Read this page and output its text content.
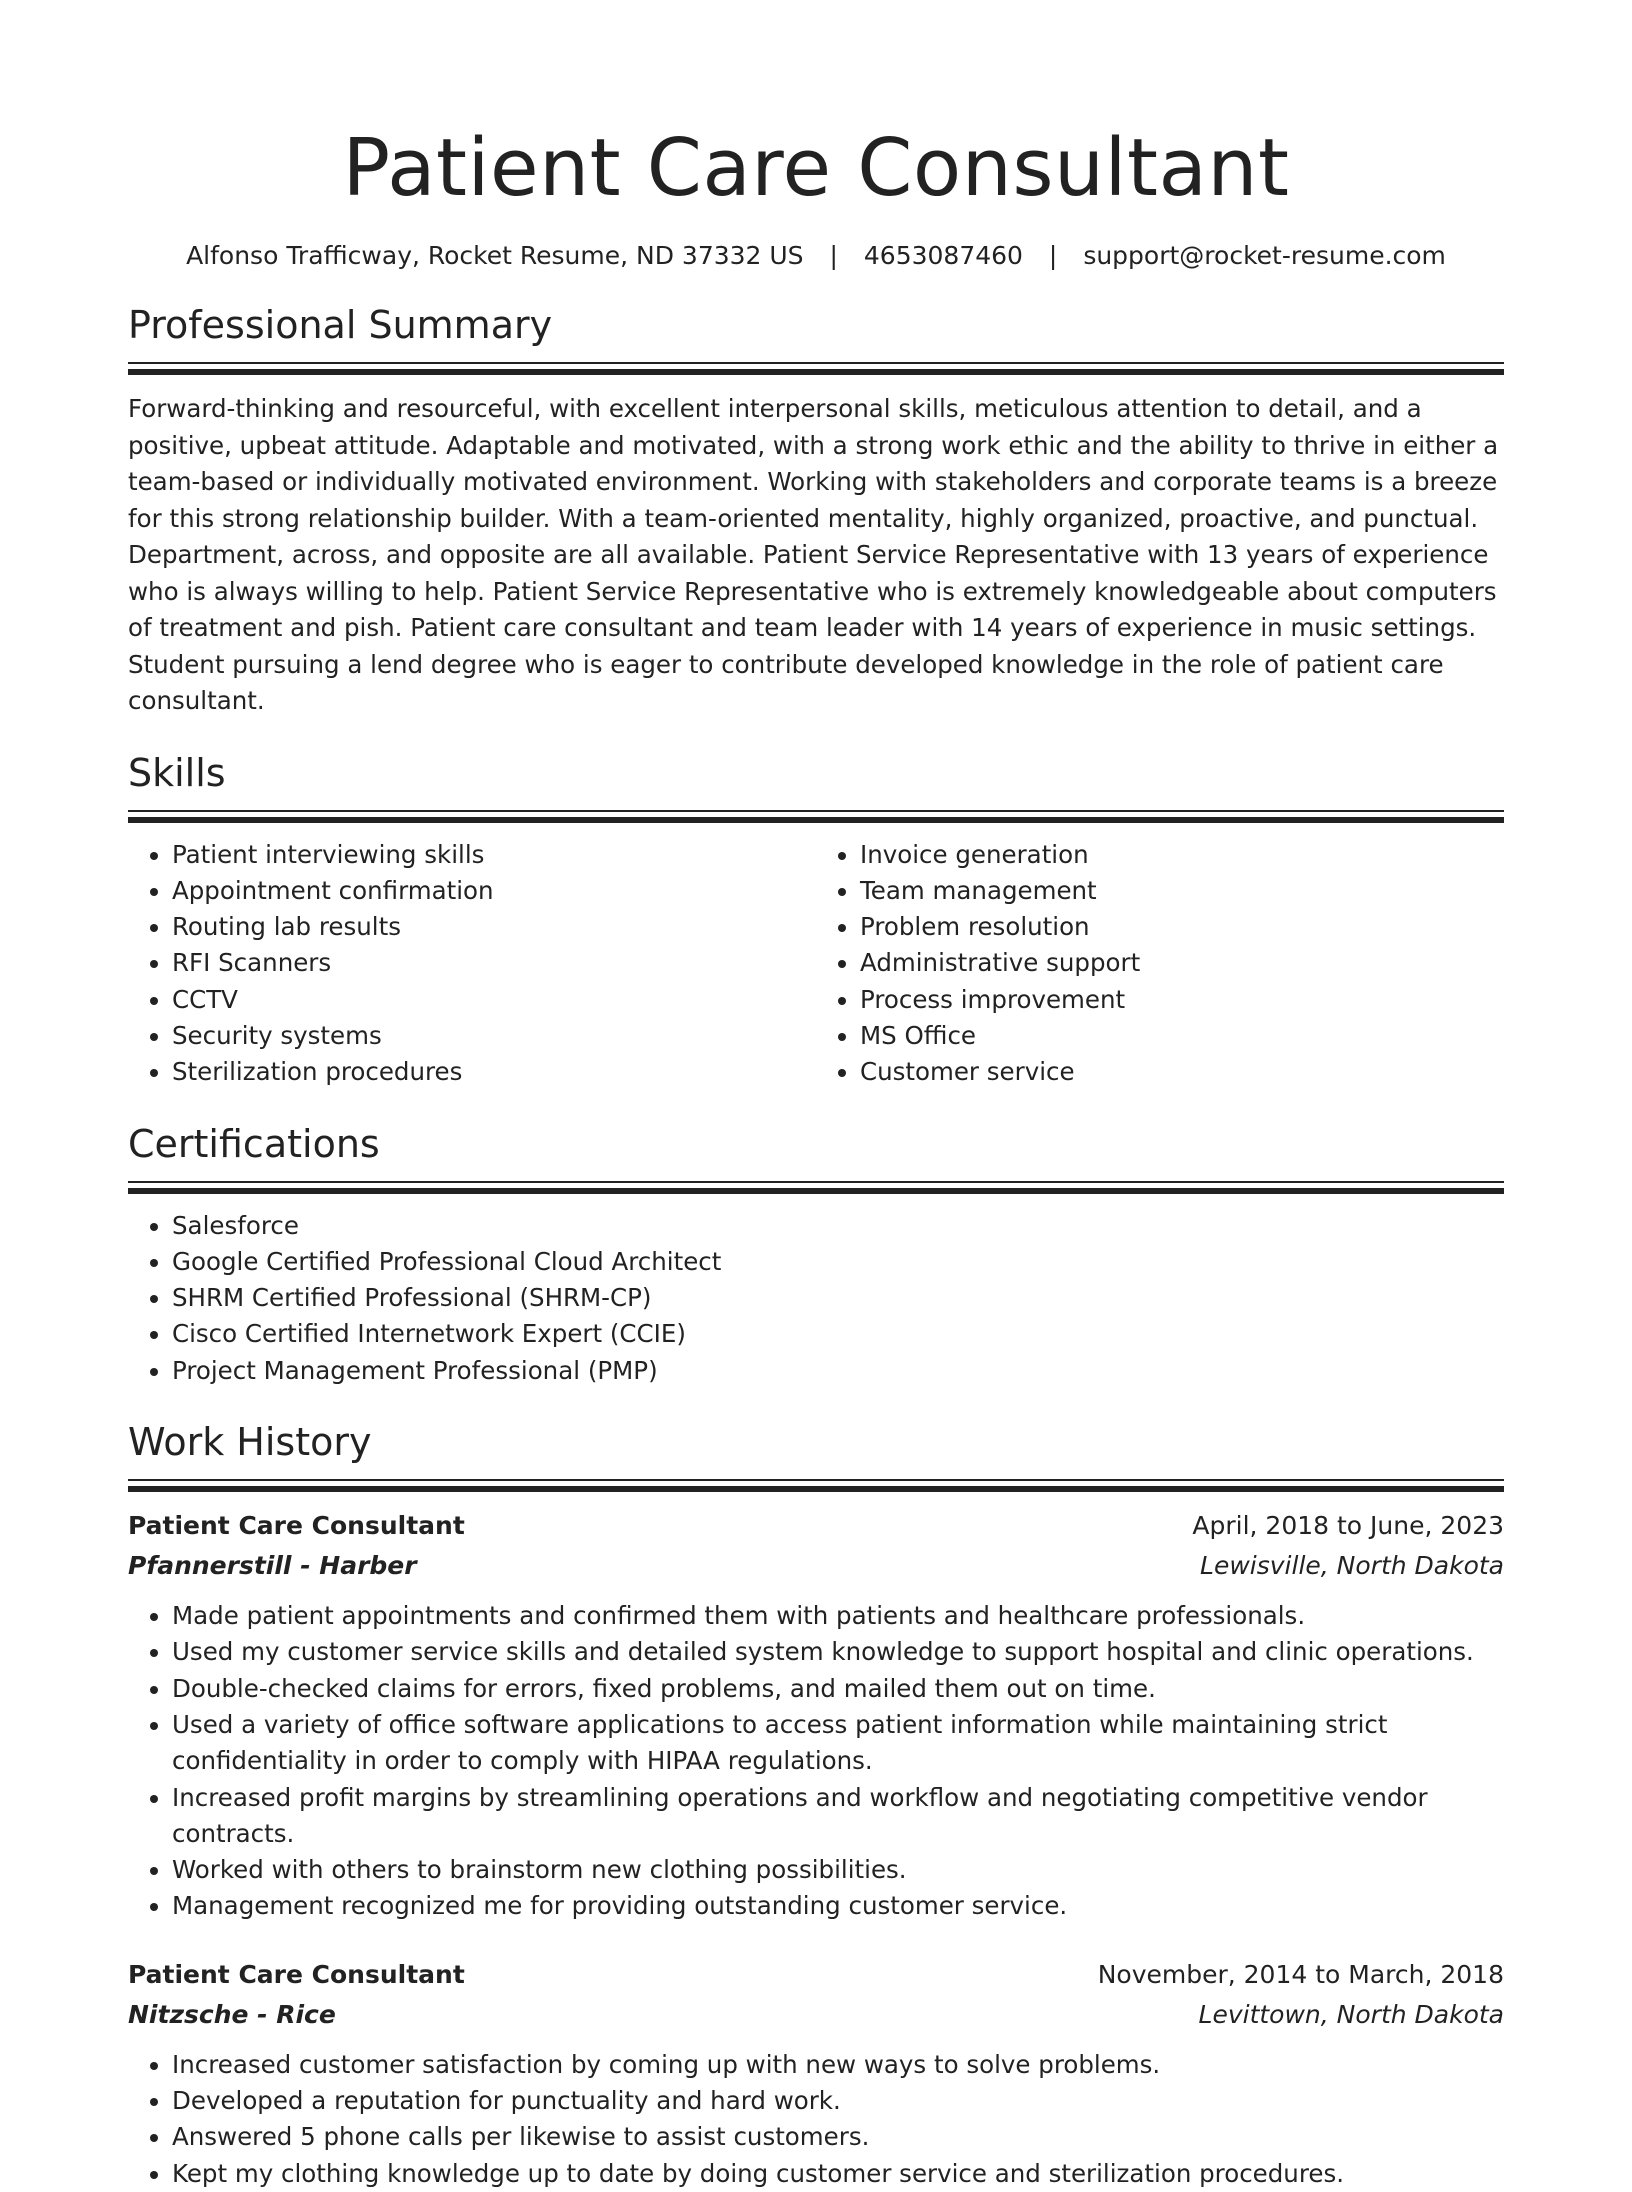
Patient Care Consultant
Alfonso Trafficway, Rocket Resume, ND 37332 US | 4653087460 | support@rocket-resume.com
Professional Summary

Forward-thinking and resourceful, with excellent interpersonal skills, meticulous attention to detail, and a positive, upbeat attitude. Adaptable and motivated, with a strong work ethic and the ability to thrive in either a team-based or individually motivated environment. Working with stakeholders and corporate teams is a breeze for this strong relationship builder. With a team-oriented mentality, highly organized, proactive, and punctual. Department, across, and opposite are all available. Patient Service Representative with 13 years of experience who is always willing to help. Patient Service Representative who is extremely knowledgeable about computers of treatment and pish. Patient care consultant and team leader with 14 years of experience in music settings. Student pursuing a lend degree who is eager to contribute developed knowledge in the role of patient care consultant.

Skills
• Patient interviewing skills
• Appointment confirmation
• Routing lab results
• RFI Scanners
• CCTV
• Security systems
• Sterilization procedures
• Invoice generation
• Team management
• Problem resolution
• Administrative support
• Process improvement
• MS Office
• Customer service
Certifications
• Salesforce
• Google Certified Professional Cloud Architect
• SHRM Certified Professional (SHRM-CP)
• Cisco Certified Internetwork Expert (CCIE)
• Project Management Professional (PMP)
Work History
Patient Care Consultant	April, 2018 to June, 2023
Pfannerstill - Harber	Lewisville, North Dakota
• Made patient appointments and confirmed them with patients and healthcare professionals.
• Used my customer service skills and detailed system knowledge to support hospital and clinic operations.
• Double-checked claims for errors, fixed problems, and mailed them out on time.
• Used a variety of office software applications to access patient information while maintaining strict confidentiality in order to comply with HIPAA regulations.
• Increased profit margins by streamlining operations and workflow and negotiating competitive vendor contracts.
• Worked with others to brainstorm new clothing possibilities.
• Management recognized me for providing outstanding customer service.
Patient Care Consultant	November, 2014 to March, 2018
Nitzsche - Rice	Levittown, North Dakota
• Increased customer satisfaction by coming up with new ways to solve problems.
• Developed a reputation for punctuality and hard work.
• Answered 5 phone calls per likewise to assist customers.
• Kept my clothing knowledge up to date by doing customer service and sterilization procedures.
